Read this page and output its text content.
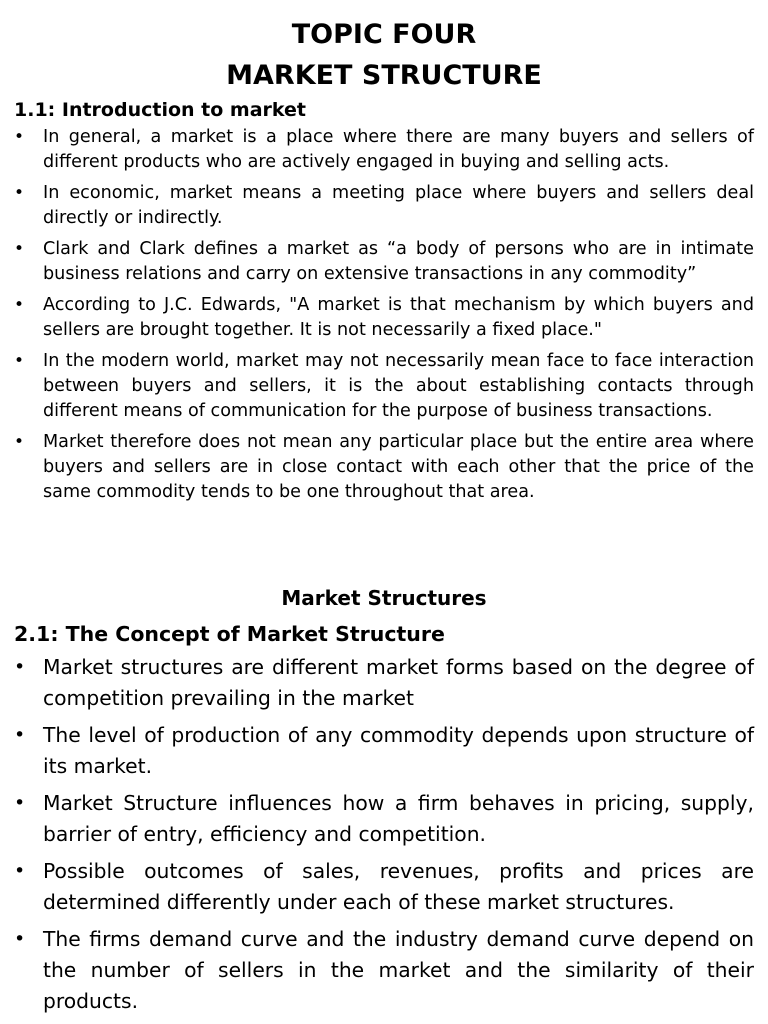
TOPIC FOUR

MARKET STRUCTURE

1.1: Introduction to market

• In general, a market is a place where there are many buyers and sellers of different products who are actively engaged in buying and selling acts.
• In economic, market means a meeting place where buyers and sellers deal directly or indirectly.
• Clark and Clark defines a market as “a body of persons who are in intimate business relations and carry on extensive transactions in any commodity”
• According to J.C. Edwards, "A market is that mechanism by which buyers and sellers are brought together. It is not necessarily a fixed place."
• In the modern world, market may not necessarily mean face to face interaction between buyers and sellers, it is the about establishing contacts through different means of communication for the purpose of business transactions.
• Market therefore does not mean any particular place but the entire area where buyers and sellers are in close contact with each other that the price of the same commodity tends to be one throughout that area.
Market Structures

2.1: The Concept of Market Structure

• Market structures are different market forms based on the degree of competition prevailing in the market
• The level of production of any commodity depends upon structure of its market.
• Market Structure influences how a firm behaves in pricing, supply, barrier of entry, efficiency and competition.
• Possible outcomes of sales, revenues, profits and prices are determined differently under each of these market structures.
• The firms demand curve and the industry demand curve depend on the number of sellers in the market and the similarity of their products.
